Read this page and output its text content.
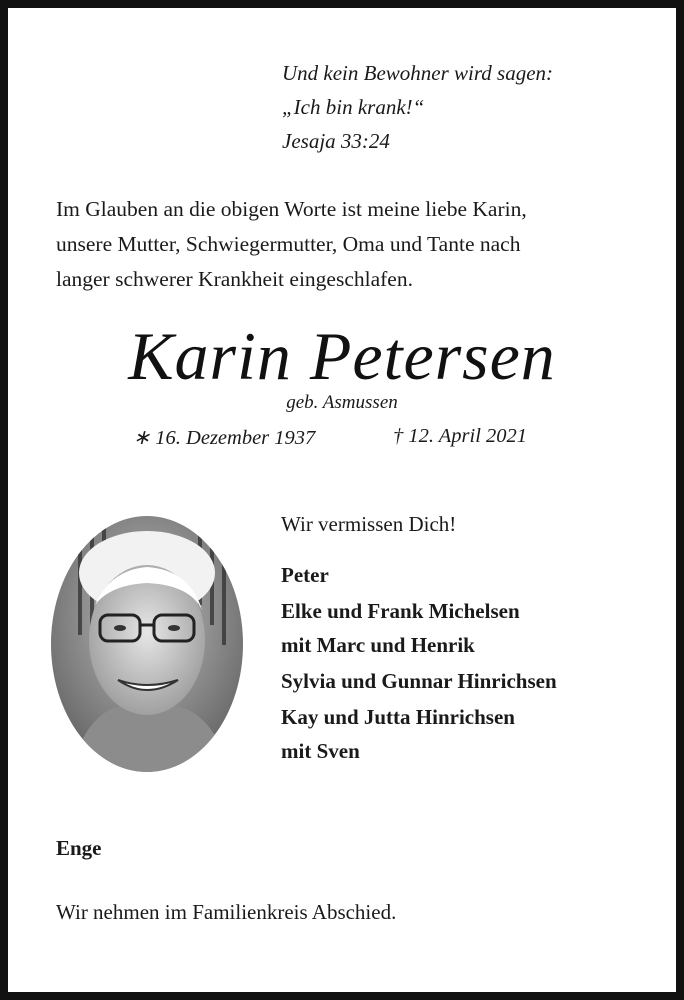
Und kein Bewohner wird sagen:
„Ich bin krank!“
Jesaja 33:24
Im Glauben an die obigen Worte ist meine liebe Karin,
unsere Mutter, Schwiegermutter, Oma und Tante nach
langer schwerer Krankheit eingeschlafen.
Karin Petersen
geb. Asmussen
∗ 16. Dezember 1937	† 12. April 2021
Wir vermissen Dich!
Peter
Elke und Frank Michelsen
mit Marc und Henrik
Sylvia und Gunnar Hinrichsen
Kay und Jutta Hinrichsen
mit Sven
Enge
Wir nehmen im Familienkreis Abschied.
